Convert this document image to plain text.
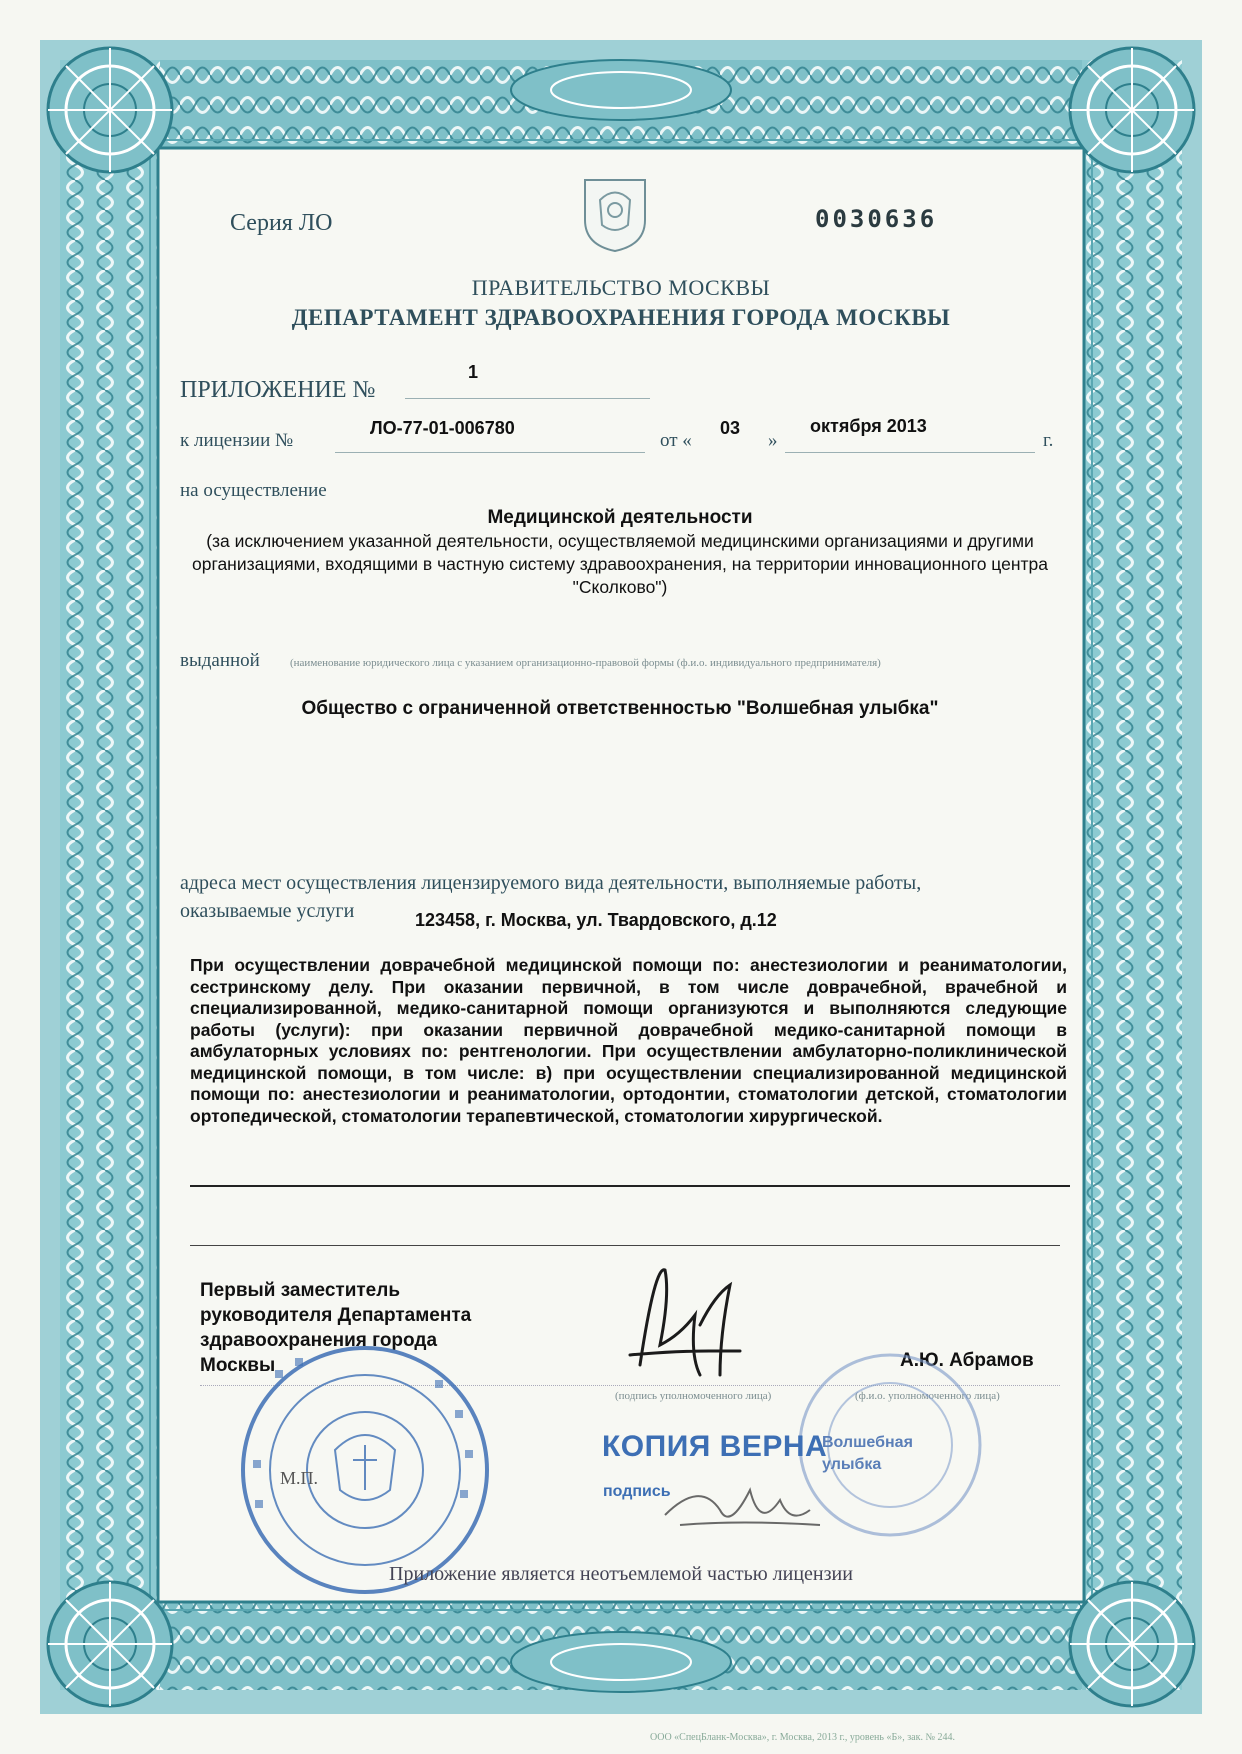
Серия ЛО	0030636
ПРАВИТЕЛЬСТВО МОСКВЫ
ДЕПАРТАМЕНТ ЗДРАВООХРАНЕНИЯ ГОРОДА МОСКВЫ
ПРИЛОЖЕНИЕ №
1
к лицензии №
ЛО-77-01-006780
от «
03
»
октября 2013
г.
на осуществление
Медицинской деятельности
(за исключением указанной деятельности, осуществляемой медицинскими организациями и другими организациями, входящими в частную систему здравоохранения, на территории инновационного центра "Сколково")
выданной	(наименование юридического лица с указанием организационно-правовой формы (ф.и.о. индивидуального предпринимателя)
Общество с ограниченной ответственностью "Волшебная улыбка"
адреса мест осуществления лицензируемого вида деятельности, выполняемые работы,
оказываемые услуги	123458, г. Москва, ул. Твардовского, д.12
При осуществлении доврачебной медицинской помощи по: анестезиологии и реаниматологии, сестринскому делу. При оказании первичной, в том числе доврачебной, врачебной и специализированной, медико-санитарной помощи организуются и выполняются следующие работы (услуги): при оказании первичной доврачебной медико-санитарной помощи в амбулаторных условиях по: рентгенологии. При осуществлении амбулаторно-поликлинической медицинской помощи, в том числе: в) при осуществлении специализированной медицинской помощи по: анестезиологии и реаниматологии, ортодонтии, стоматологии детской, стоматологии ортопедической, стоматологии терапевтической, стоматологии хирургической.
Первый заместитель
руководителя Департамента
здравоохранения города
Москвы	А.Ю. Абрамов
(подпись уполномоченного лица)	(ф.и.о. уполномоченного лица)
М.П.
КОПИЯ ВЕРНА
Волшебная улыбка
подпись
Приложение является неотъемлемой частью лицензии
ООО «СпецБланк-Москва», г. Москва, 2013 г., уровень «Б», зак. № 244.
